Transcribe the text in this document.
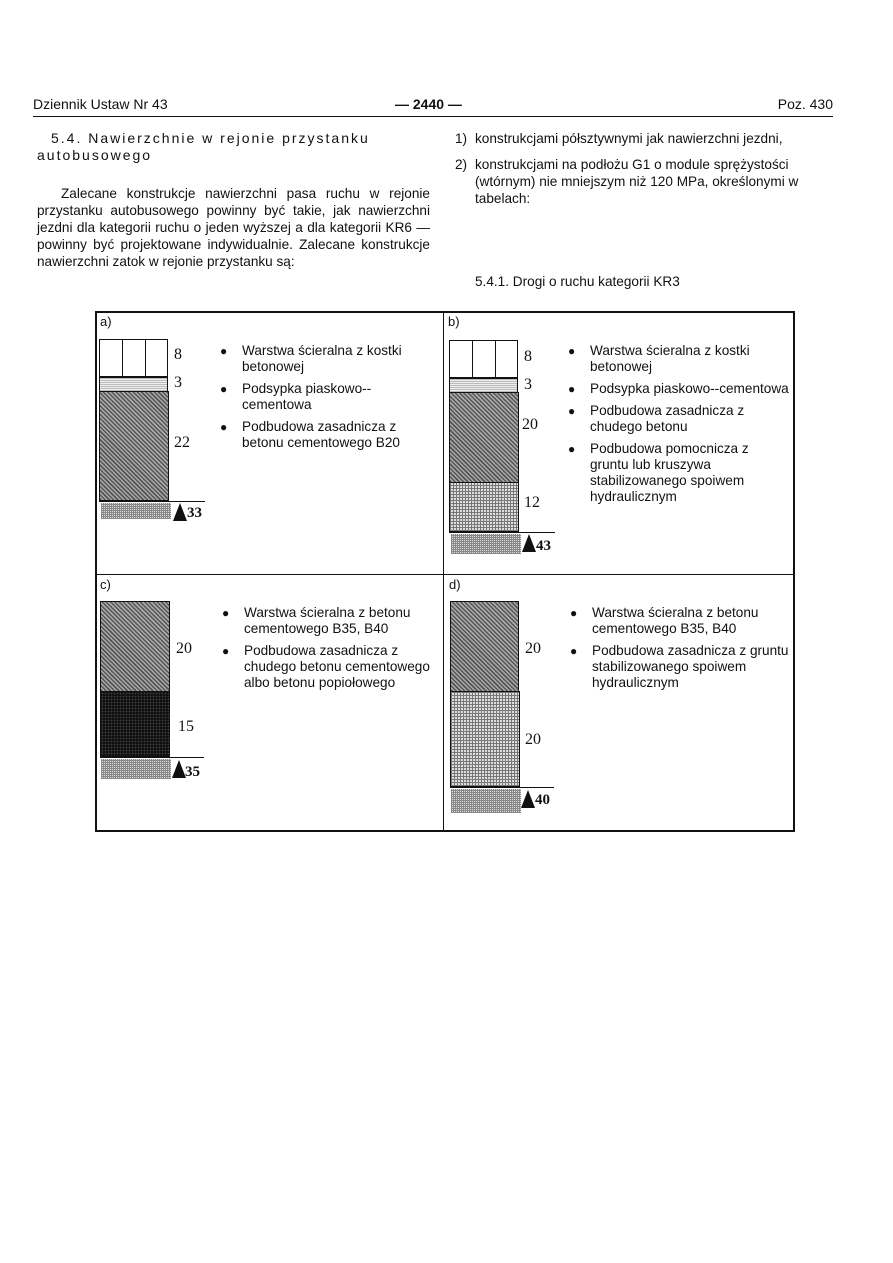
Dziennik Ustaw Nr 43	— 2440 —	Poz. 430
5.4. Nawierzchnie w rejonie przystanku autobusowego

Zalecane konstrukcje nawierzchni pasa ruchu w rejonie przystanku autobusowego powinny być takie, jak nawierzchni jezdni dla kategorii ruchu o jeden wyższej a dla kategorii KR6 — powinny być projektowane indywidualnie. Zalecane konstrukcje nawierzchni zatok w rejonie przystanku są:

1) konstrukcjami półsztywnymi jak nawierzchni jezdni,
2) konstrukcjami na podłożu G1 o module sprężystości (wtórnym) nie mniejszym niż 120 MPa, określonymi w tabelach:
5.4.1. Drogi o ruchu kategorii KR3
a)
33
8
3
22
●	Warstwa ścieralna z kostki betonowej
●	Podsypka piaskowo--cementowa
●	Podbudowa zasadnicza z betonu cementowego B20
b)
43
8
3
20
12
●	Warstwa ścieralna z kostki betonowej
●	Podsypka piaskowo--cementowa
●	Podbudowa zasadnicza z chudego betonu
●	Podbudowa pomocnicza z gruntu lub kruszywa stabilizowanego spoiwem hydraulicznym
c)
35
20
15
●	Warstwa ścieralna z betonu cementowego B35, B40
●	Podbudowa zasadnicza z chudego betonu cementowego albo betonu popiołowego
d)
40
20
20
●	Warstwa ścieralna z betonu cementowego B35, B40
●	Podbudowa zasadnicza z gruntu stabilizowanego spoiwem hydraulicznym
